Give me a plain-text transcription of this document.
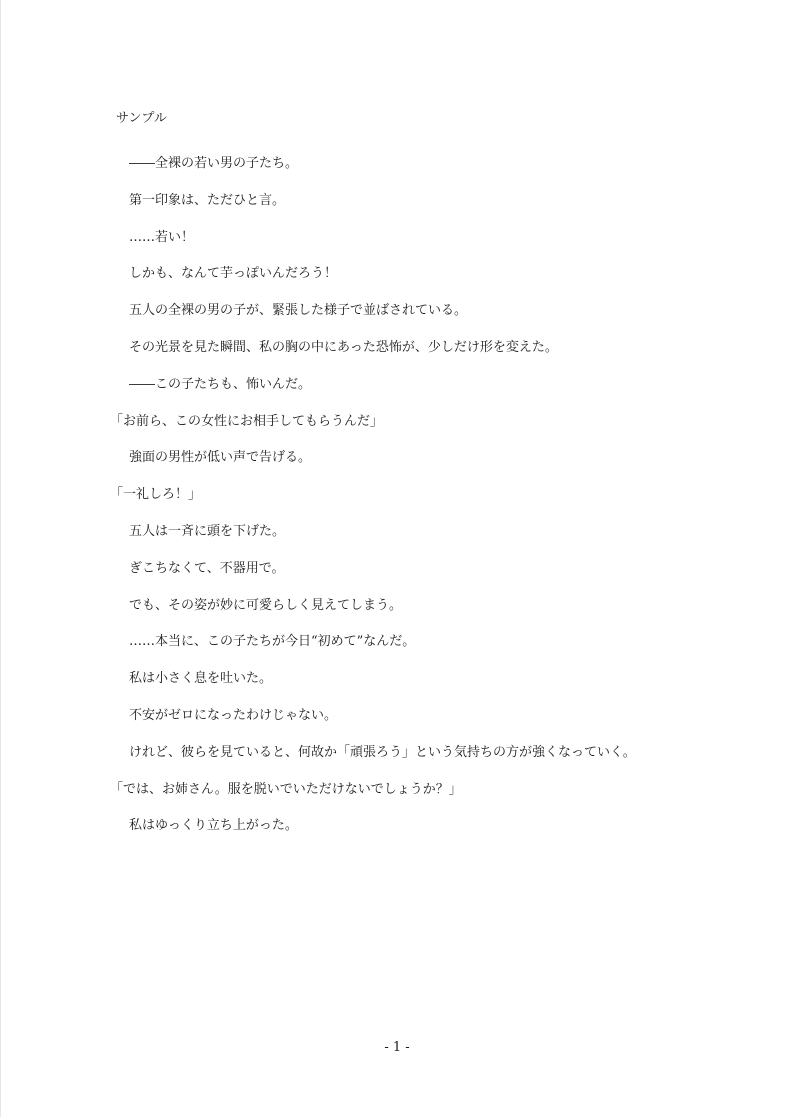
サンプル
――全裸の若い男の子たち。
第一印象は、ただひと言。
……若い！
しかも、なんて芋っぽいんだろう！
五人の全裸の男の子が、緊張した様子で並ばされている。
その光景を見た瞬間、私の胸の中にあった恐怖が、少しだけ形を変えた。
――この子たちも、怖いんだ。
「お前ら、この女性にお相手してもらうんだ」
強面の男性が低い声で告げる。
「一礼しろ！」
五人は一斉に頭を下げた。
ぎこちなくて、不器用で。
でも、その姿が妙に可愛らしく見えてしまう。
……本当に、この子たちが今日“初めて”なんだ。
私は小さく息を吐いた。
不安がゼロになったわけじゃない。
けれど、彼らを見ていると、何故か「頑張ろう」という気持ちの方が強くなっていく。
「では、お姉さん。服を脱いでいただけないでしょうか？」
私はゆっくり立ち上がった。
- 1 -
